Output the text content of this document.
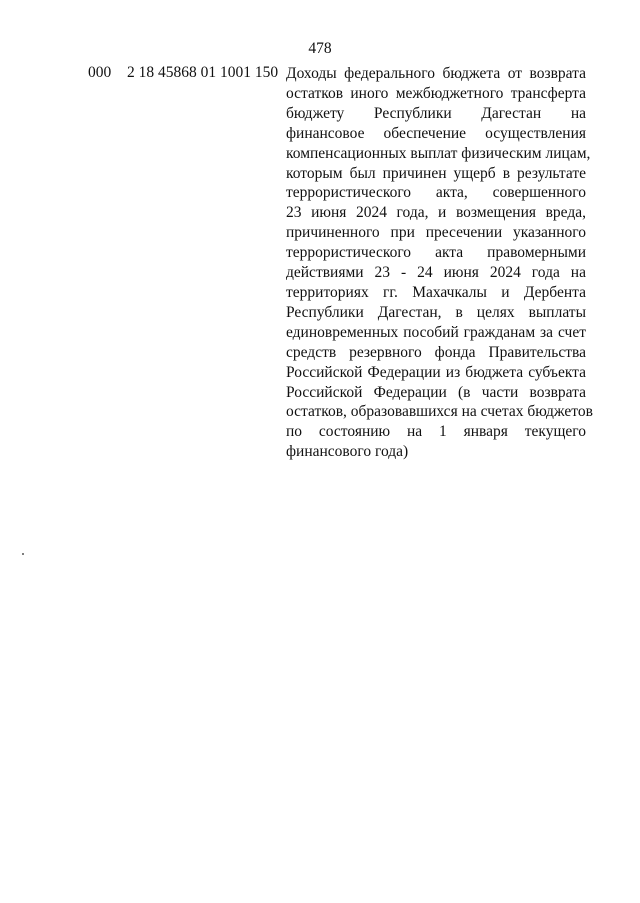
478
000 2 18 45868 01 1001 150 Доходы федерального бюджета от возврата
остатков иного межбюджетного трансферта
бюджету Республики Дагестан на
финансовое обеспечение осуществления
компенсационных выплат физическим лицам,
которым был причинен ущерб в результате
террористического акта, совершенного
23 июня 2024 года, и возмещения вреда,
причиненного при пресечении указанного
террористического акта правомерными
действиями 23 - 24 июня 2024 года на
территориях гг. Махачкалы и Дербента
Республики Дагестан, в целях выплаты
единовременных пособий гражданам за счет
средств резервного фонда Правительства
Российской Федерации из бюджета субъекта
Российской Федерации (в части возврата
остатков, образовавшихся на счетах бюджетов
по состоянию на 1 января текущего
финансового года)
